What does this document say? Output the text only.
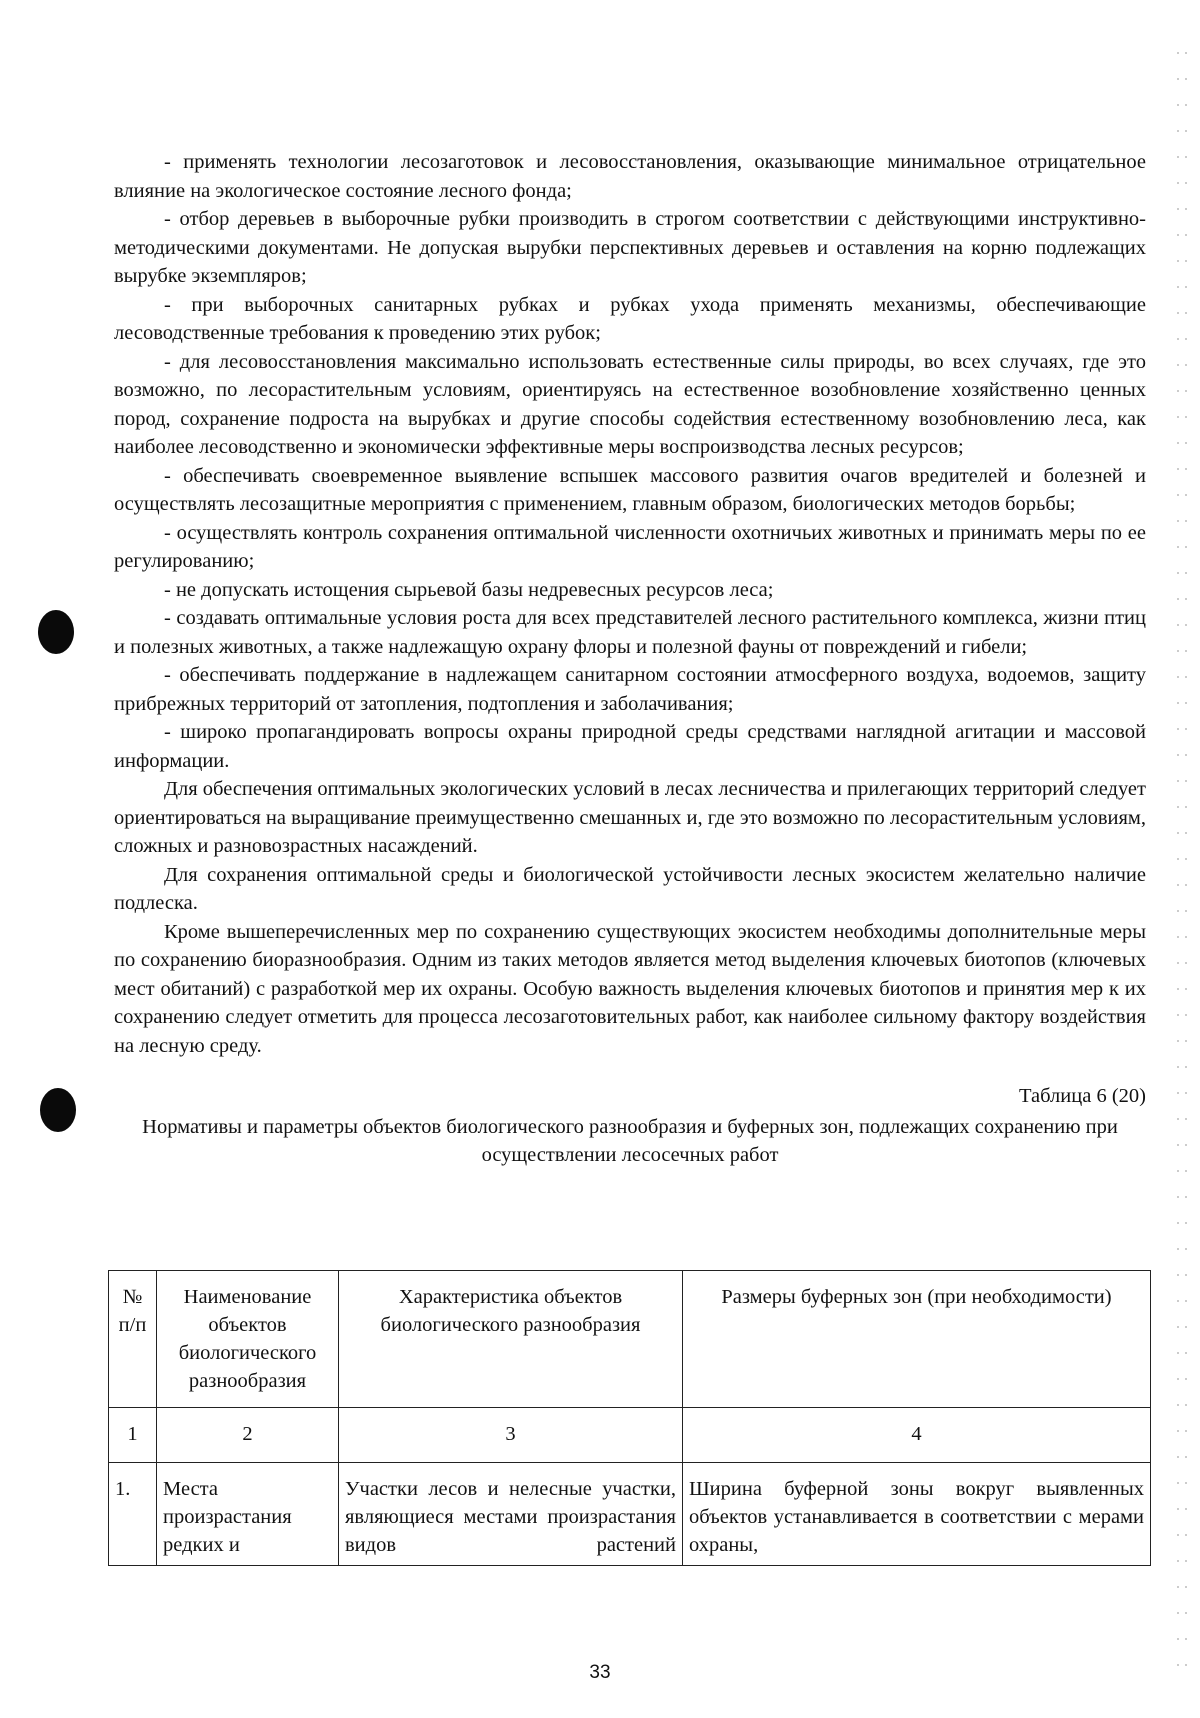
- применять технологии лесозаготовок и лесовосстановления, оказывающие минимальное отрицательное влияние на экологическое состояние лесного фонда;

- отбор деревьев в выборочные рубки производить в строгом соответствии с действующими инструктивно-методическими документами. Не допуская вырубки перспективных деревьев и оставления на корню подлежащих вырубке экземпляров;

- при выборочных санитарных рубках и рубках ухода применять механизмы, обеспечивающие лесоводственные требования к проведению этих рубок;

- для лесовосстановления максимально использовать естественные силы природы, во всех случаях, где это возможно, по лесорастительным условиям, ориентируясь на естественное возобновление хозяйственно ценных пород, сохранение подроста на вырубках и другие способы содействия естественному возобновлению леса, как наиболее лесоводственно и экономически эффективные меры воспроизводства лесных ресурсов;

- обеспечивать своевременное выявление вспышек массового развития очагов вредителей и болезней и осуществлять лесозащитные мероприятия с применением, главным образом, биологических методов борьбы;

- осуществлять контроль сохранения оптимальной численности охотничьих животных и принимать меры по ее регулированию;

- не допускать истощения сырьевой базы недревесных ресурсов леса;

- создавать оптимальные условия роста для всех представителей лесного растительного комплекса, жизни птиц и полезных животных, а также надлежащую охрану флоры и полезной фауны от повреждений и гибели;

- обеспечивать поддержание в надлежащем санитарном состоянии атмосферного воздуха, водоемов, защиту прибрежных территорий от затопления, подтопления и заболачивания;

- широко пропагандировать вопросы охраны природной среды средствами наглядной агитации и массовой информации.

Для обеспечения оптимальных экологических условий в лесах лесничества и прилегающих территорий следует ориентироваться на выращивание преимущественно смешанных и, где это возможно по лесорастительным условиям, сложных и разновозрастных насаждений.

Для сохранения оптимальной среды и биологической устойчивости лесных экосистем желательно наличие подлеска.

Кроме вышеперечисленных мер по сохранению существующих экосистем необходимы дополнительные меры по сохранению биоразнообразия. Одним из таких методов является метод выделения ключевых биотопов (ключевых мест обитаний) с разработкой мер их охраны. Особую важность выделения ключевых биотопов и принятия мер к их сохранению следует отметить для процесса лесозаготовительных работ, как наиболее сильному фактору воздействия на лесную среду.

Таблица 6 (20)
Нормативы и параметры объектов биологического разнообразия и буферных зон, подлежащих сохранению при осуществлении лесосечных работ
№ п/п	Наименование объектов биологического разнообразия	Характеристика объектов биологического разнообразия	Размеры буферных зон (при необходимости)
1	2	3	4
1.	Места произрастания редких и	Участки лесов и нелесные участки, являющиеся местами произрастания видов растений	Ширина буферной зоны вокруг выявленных объектов устанавливается в соответствии с мерами охраны,
33
